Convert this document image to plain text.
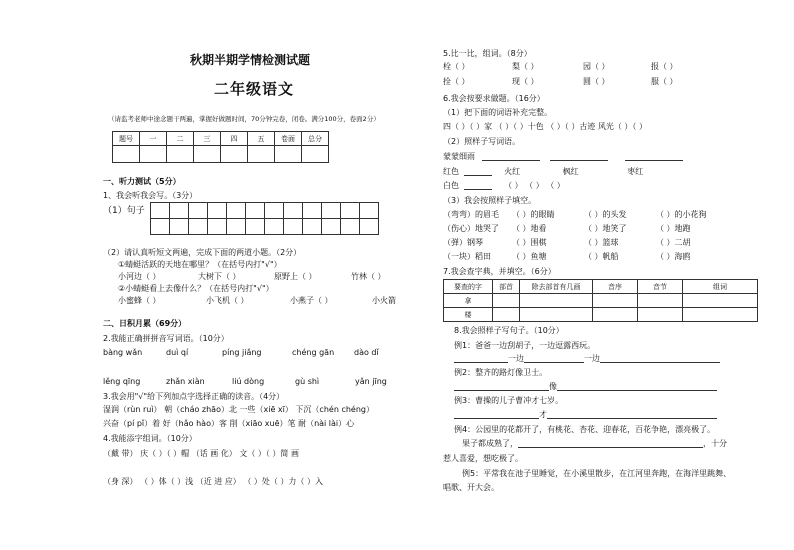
秋期半期学情检测试题
二年级语文
（请监考老师中途念题干两遍，掌握好做题时间，70分钟完卷，闭卷。满分100分，卷面2分）
题号	一	二	三	四	五	卷面	总分

一、听力测试（5分）
1、我会听我会写。（3分）
（1）句子

（2）请认真听短文两遍，完成下面的两道小题。（2分）
①蜻蜓活跃的天地在哪里？（在括号内打"√"）
小河边（ ）	大树下（ ）	原野上（ ）	竹林（ ）
②小蜻蜓看上去像什么？（在括号内打"√"）
小蜜蜂（ ）	小飞机（ ）	小燕子（ ）	小火箭
二、日积月累（69分）
2.我能正确拼拼音写词语。（10分）
bàng wǎn	duì qí	píng jiǎng	chéng gān dào dǐ
lěng qīng	zhǎn xiàn	liú dòng	gù shì	yǎn jīng
3.我会用"√"给下列加点字选择正确的读音。（4分）
湿润（rùn ruì） 朝（cháo zhāo）北 一些（xiē xī） 下沉（chén chéng）
兴奋（pí pǐ）着 好（hǎo hào）客 削（xiāo xuē）笔 耐（nài lài）心
4.我能添字组词。（10分）
（戴 带） 庆（ ）（ ）帽 （话 画 化） 文（ ）（ ）简 画
（身 深） （ ）体（ ）浅 （近 进 应） （ ）处（ ）力（ ）入
5.比一比，组词。（8分）
栓（ ）	梨（ ）	园（ ）	报（ ）
拴（ ）	现（ ）	圆（ ）	服（ ）
6.我会按要求做题。（16分）
（1）把下面的词语补充完整。
四（ ）（ ）家 （ ）（ ）十色 （ ）（ ）古迹 风光（ ）（ ）
（2）照样子写词语。
蒙蒙细雨
红色	火红	枫红	枣红
白色	（ ） （ ） （ ）
（3）我会按照样子填空。
（弯弯）的眉毛 （ ）的眼睛	（ ）的头发	（ ）的小花狗
（伤心）地哭了 （ ）地看	（ ）地笑了	（ ）地跑
（弹）钢琴	（ ）围棋	（ ）篮球	（ ）二胡
（一块）稻田	（ ）鱼塘	（ ）帆船	（ ）海鸥
7.我会查字典，并填空。（6分）
要查的字	部首	除去部首有几画	音序	音节	组词
拿					
楼					
8.我会照样子写句子。（10分）
例1：爸爸一边刮胡子，一边逗露西玩。
一边	一边
例2：整齐的路灯像卫士。
像
例3：曹操的儿子曹冲才七岁。
才
例4：公园里的花都开了，有桃花、杏花、迎春花，百花争艳，漂亮极了。
果子都成熟了，	，十分
惹人喜爱，想吃极了。
例5：平常我在池子里睡觉，在小溪里散步，在江河里奔跑，在海洋里跳舞、
唱歌、开大会。
